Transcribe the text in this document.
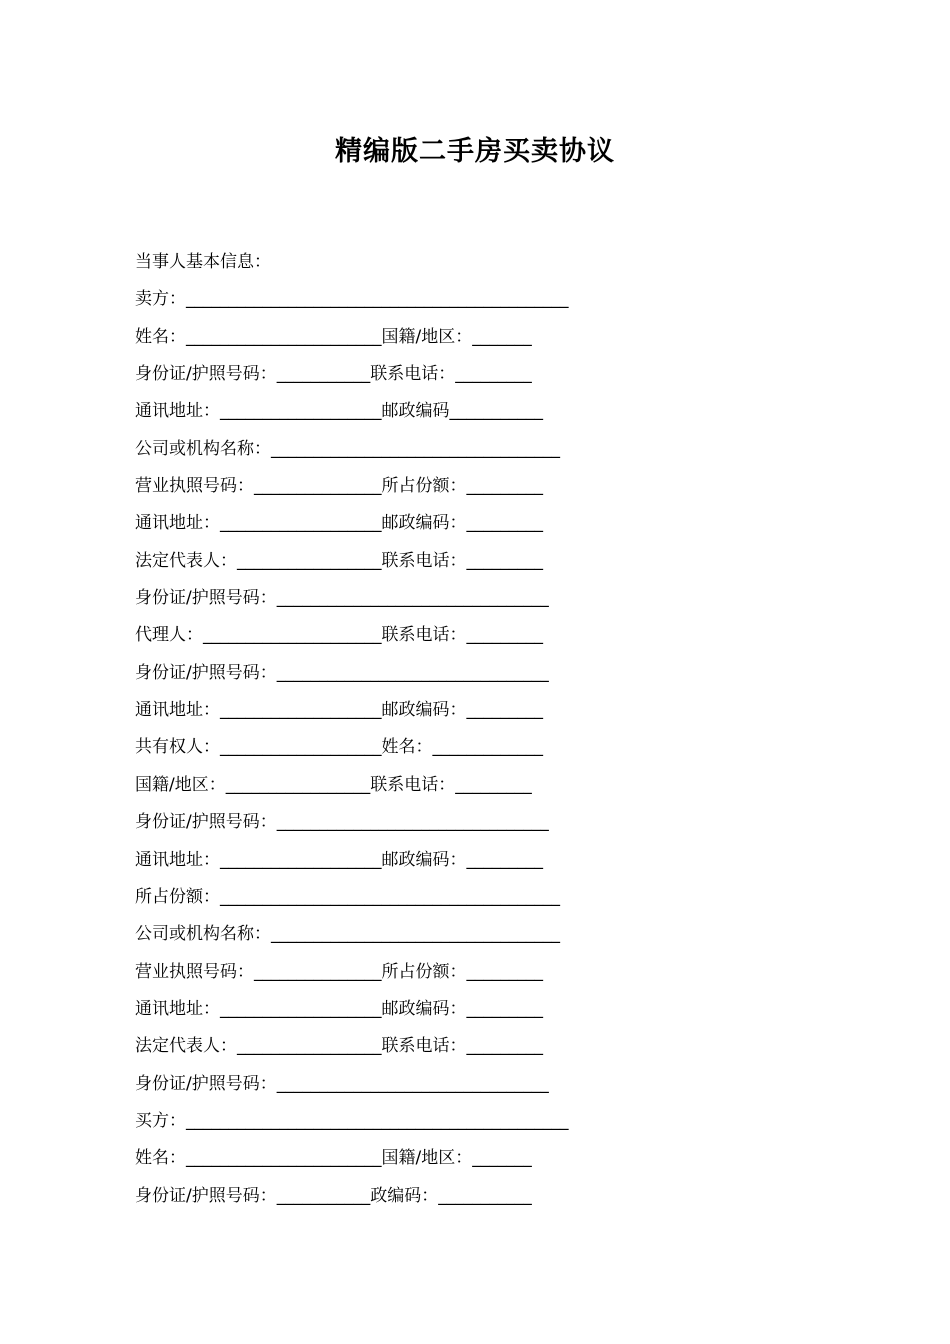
精编版二手房买卖协议
当事人基本信息：
卖方：_____________________________________________
姓名：_______________________国籍/地区：_______
身份证/护照号码：___________联系电话：_________
通讯地址：___________________邮政编码___________
公司或机构名称：__________________________________
营业执照号码：_______________所占份额：_________
通讯地址：___________________邮政编码：_________
法定代表人：_________________联系电话：_________
身份证/护照号码：________________________________
代理人：_____________________联系电话：_________
身份证/护照号码：________________________________
通讯地址：___________________邮政编码：_________
共有权人：___________________姓名：_____________
国籍/地区：_________________联系电话：_________
身份证/护照号码：________________________________
通讯地址：___________________邮政编码：_________
所占份额：________________________________________
公司或机构名称：__________________________________
营业执照号码：_______________所占份额：_________
通讯地址：___________________邮政编码：_________
法定代表人：_________________联系电话：_________
身份证/护照号码：________________________________
买方：_____________________________________________
姓名：_______________________国籍/地区：_______
身份证/护照号码：___________政编码：___________
